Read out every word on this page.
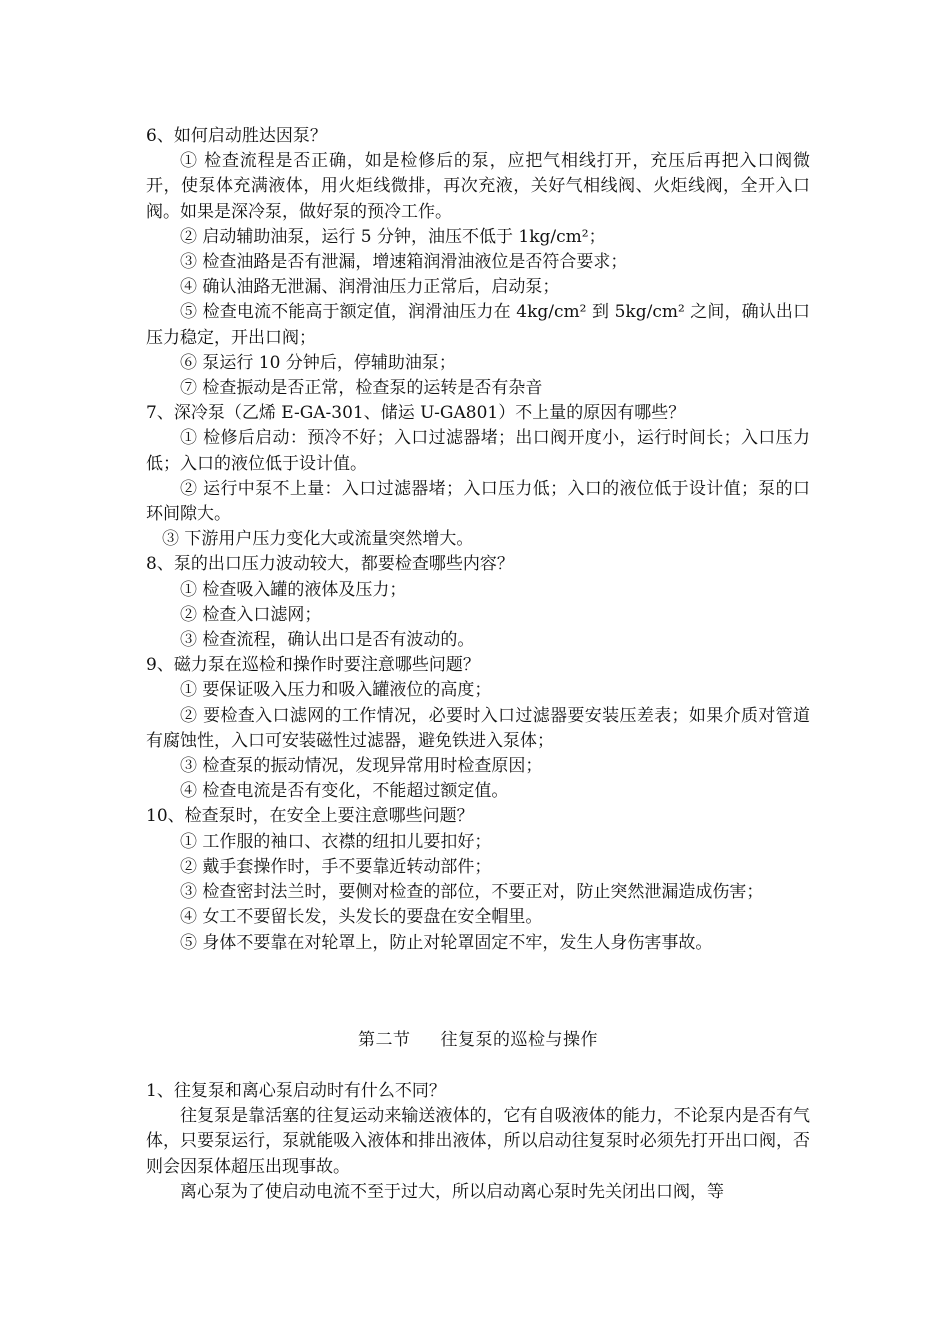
6、如何启动胜达因泵？

① 检查流程是否正确，如是检修后的泵，应把气相线打开，充压后再把入口阀微开，使泵体充满液体，用火炬线微排，再次充液，关好气相线阀、火炬线阀，全开入口阀。如果是深冷泵，做好泵的预冷工作。

② 启动辅助油泵，运行 5 分钟，油压不低于 1kg/cm²；

③ 检查油路是否有泄漏，增速箱润滑油液位是否符合要求；

④ 确认油路无泄漏、润滑油压力正常后，启动泵；

⑤ 检查电流不能高于额定值，润滑油压力在 4kg/cm² 到 5kg/cm² 之间，确认出口压力稳定，开出口阀；

⑥ 泵运行 10 分钟后，停辅助油泵；

⑦ 检查振动是否正常，检查泵的运转是否有杂音

7、深冷泵（乙烯 E-GA-301、储运 U-GA801）不上量的原因有哪些？

① 检修后启动：预冷不好；入口过滤器堵；出口阀开度小，运行时间长；入口压力低；入口的液位低于设计值。

② 运行中泵不上量：入口过滤器堵；入口压力低；入口的液位低于设计值；泵的口环间隙大。

③ 下游用户压力变化大或流量突然增大。

8、泵的出口压力波动较大，都要检查哪些内容？

① 检查吸入罐的液体及压力；

② 检查入口滤网；

③ 检查流程，确认出口是否有波动的。

9、磁力泵在巡检和操作时要注意哪些问题？

① 要保证吸入压力和吸入罐液位的高度；

② 要检查入口滤网的工作情况，必要时入口过滤器要安装压差表；如果介质对管道有腐蚀性，入口可安装磁性过滤器，避免铁进入泵体；

③ 检查泵的振动情况，发现异常用时检查原因；

④ 检查电流是否有变化，不能超过额定值。

10、检查泵时，在安全上要注意哪些问题？

① 工作服的袖口、衣襟的纽扣儿要扣好；

② 戴手套操作时，手不要靠近转动部件；

③ 检查密封法兰时，要侧对检查的部位，不要正对，防止突然泄漏造成伤害；

④ 女工不要留长发，头发长的要盘在安全帽里。

⑤ 身体不要靠在对轮罩上，防止对轮罩固定不牢，发生人身伤害事故。

第二节 往复泵的巡检与操作

1、往复泵和离心泵启动时有什么不同？

往复泵是靠活塞的往复运动来输送液体的，它有自吸液体的能力，不论泵内是否有气体，只要泵运行，泵就能吸入液体和排出液体，所以启动往复泵时必须先打开出口阀，否则会因泵体超压出现事故。

离心泵为了使启动电流不至于过大，所以启动离心泵时先关闭出口阀，等
